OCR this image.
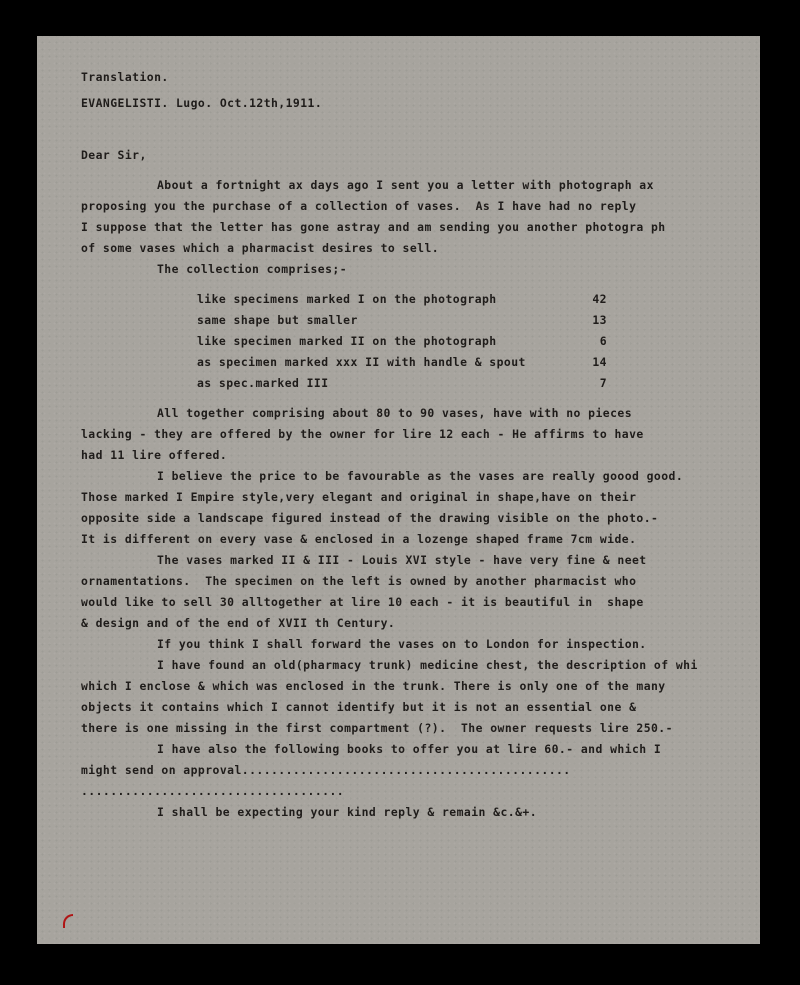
Translation.
EVANGELISTI. Lugo. Oct.12th,1911.
Dear Sir,
About a fortnight ax days ago I sent you a letter with photograph ax
proposing you the purchase of a collection of vases.  As I have had no reply
I suppose that the letter has gone astray and am sending you another photogra ph
of some vases which a pharmacist desires to sell.
The collection comprises;-
like specimens marked I on the photograph	42
same shape but smaller	13
like specimen marked II on the photograph	6
as specimen marked xxx II with handle & spout	14
as spec.marked III	7
All together comprising about 80 to 90 vases, have with no pieces
lacking - they are offered by the owner for lire 12 each - He affirms to have
had 11 lire offered.
I believe the price to be favourable as the vases are really goood good.
Those marked I Empire style,very elegant and original in shape,have on their
opposite side a landscape figured instead of the drawing visible on the photo.-
It is different on every vase & enclosed in a lozenge shaped frame 7cm wide.
The vases marked II & III - Louis XVI style - have very fine & neet
ornamentations.  The specimen on the left is owned by another pharmacist who
would like to sell 30 alltogether at lire 10 each - it is beautiful in  shape
& design and of the end of XVII th Century.
If you think I shall forward the vases on to London for inspection.
I have found an old(pharmacy trunk) medicine chest, the description of whi
which I enclose & which was enclosed in the trunk. There is only one of the many
objects it contains which I cannot identify but it is not an essential one &
there is one missing in the first compartment (?).  The owner requests lire 250.-
I have also the following books to offer you at lire 60.- and which I
might send on approval.............................................
....................................
I shall be expecting your kind reply & remain &c.&+.
